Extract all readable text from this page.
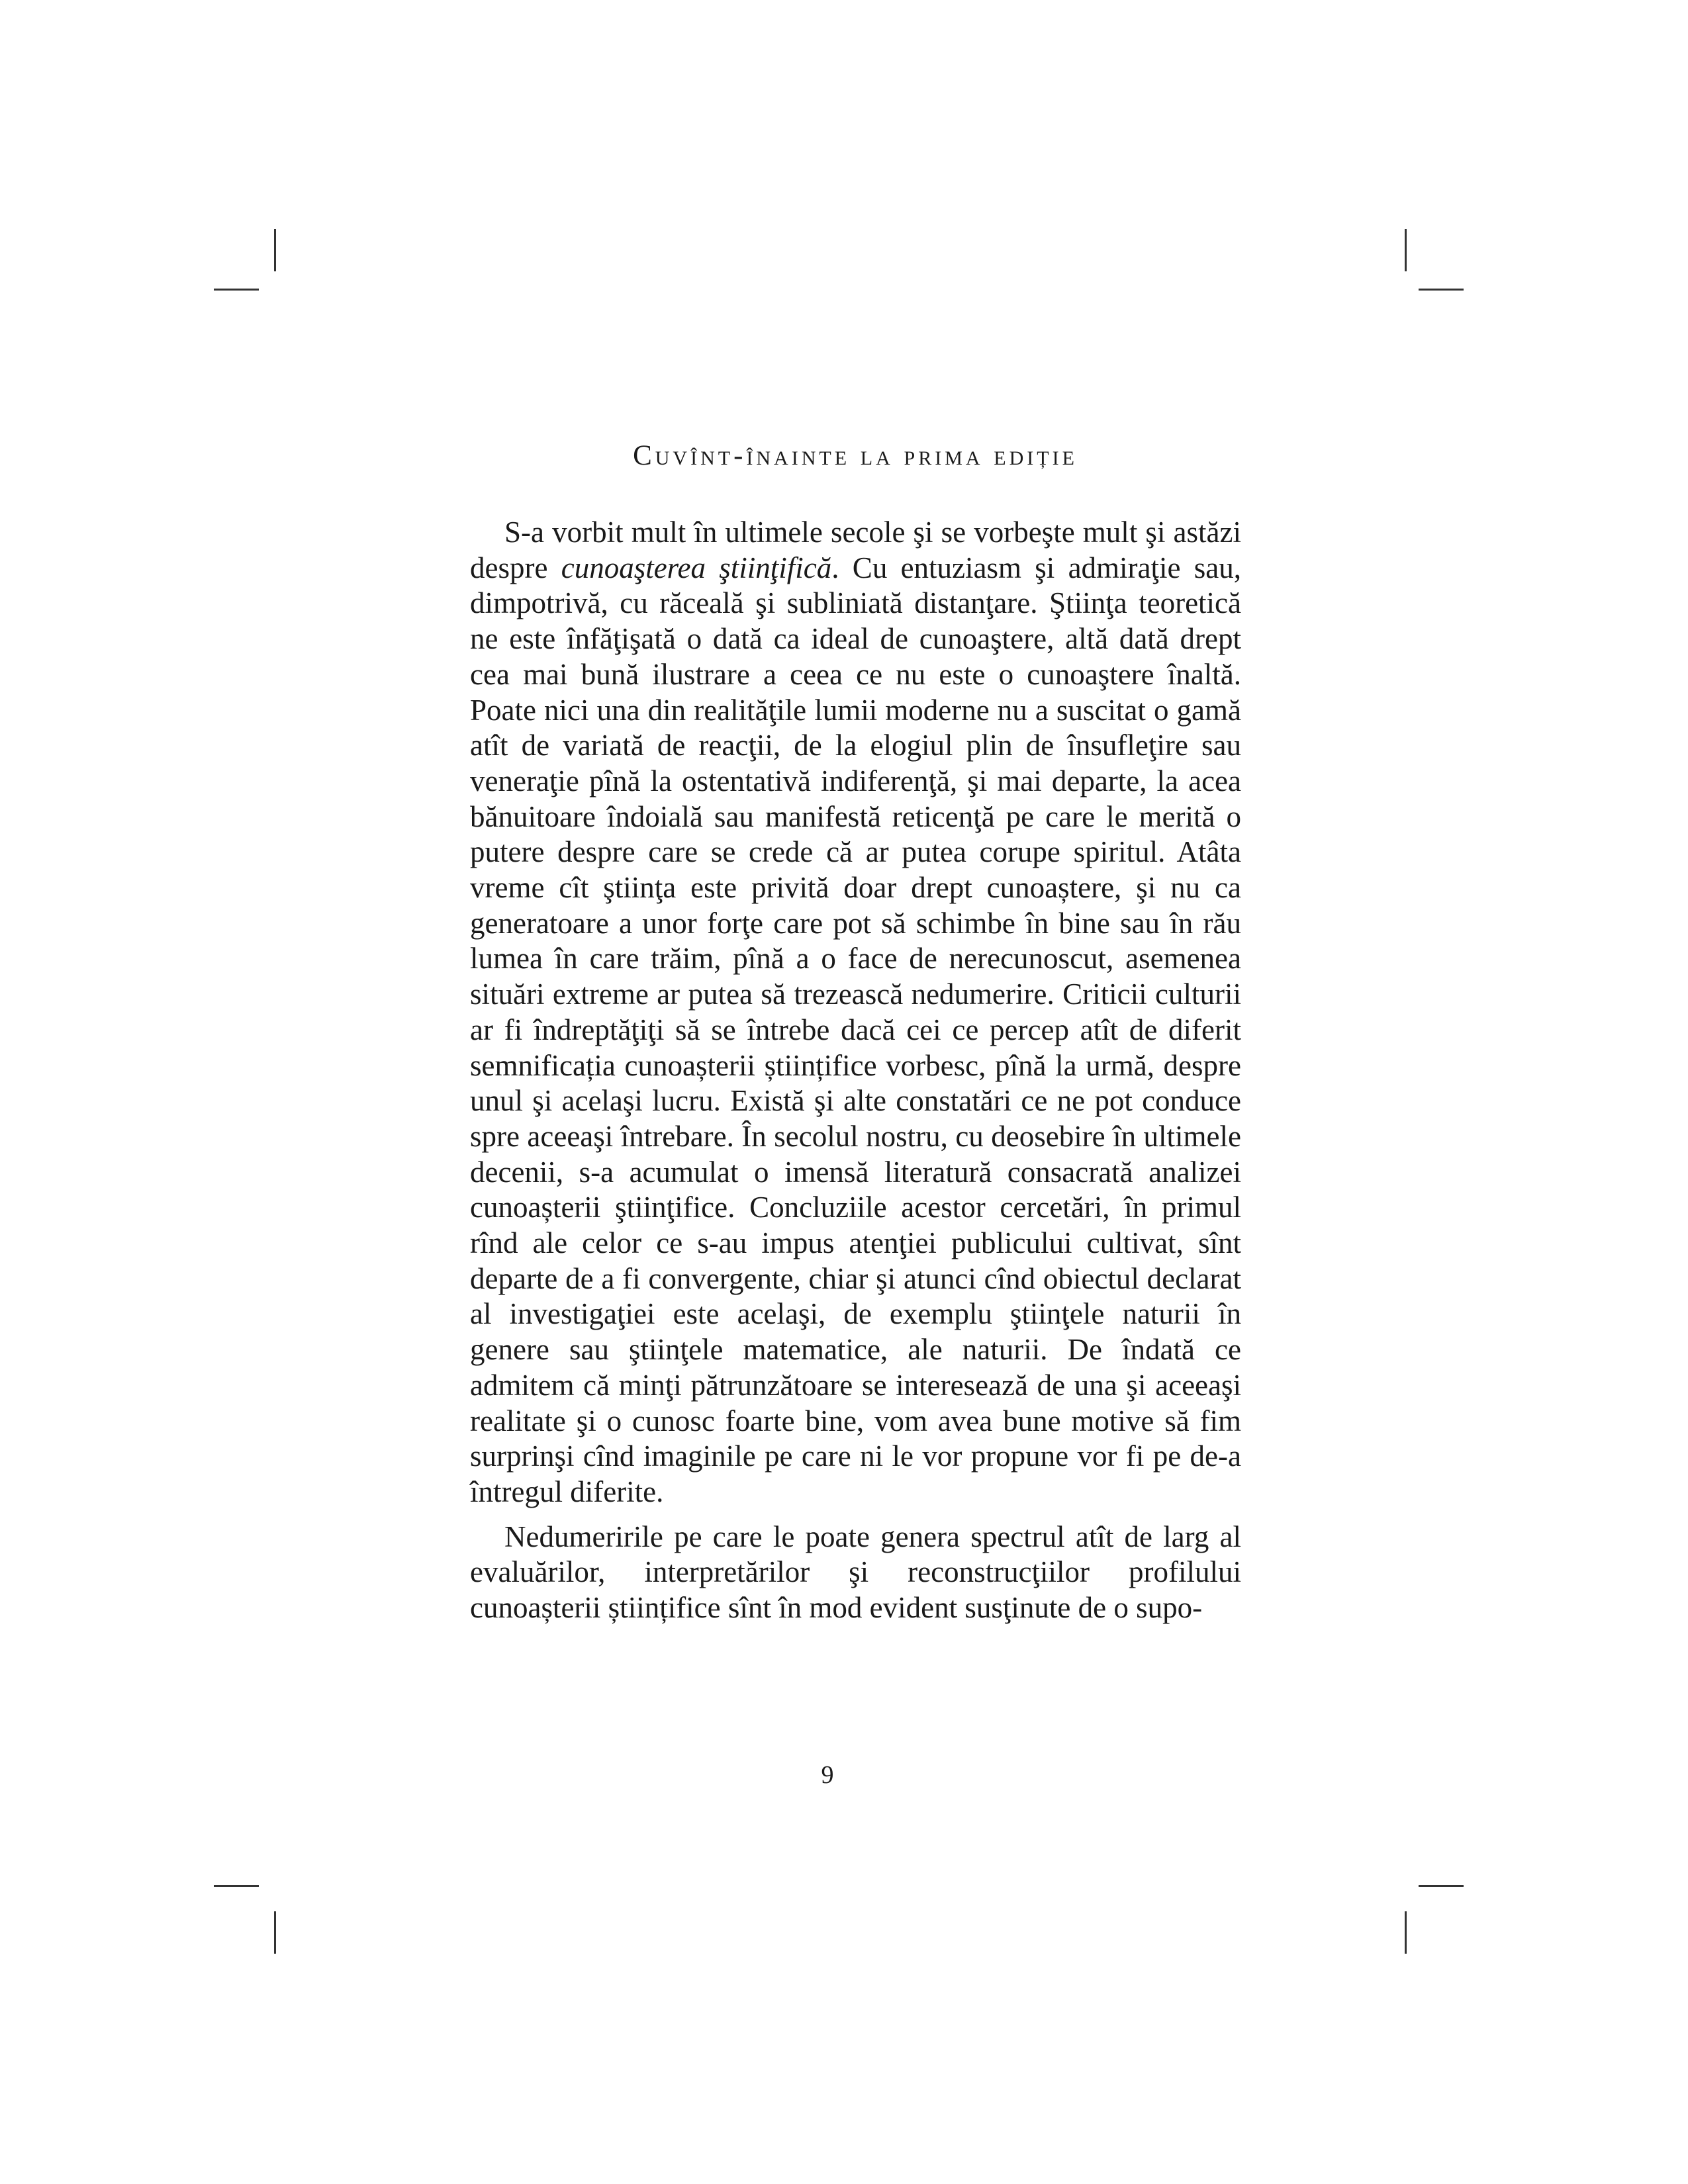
Cuvînt-înainte la prima ediție

S-a vorbit mult în ultimele secole şi se vorbeşte mult şi astăzi despre cunoaşterea ştiinţifică. Cu entuziasm şi admiraţie sau, dimpotrivă, cu răceală şi subliniată distanţare. Ştiinţa teoretică ne este înfăţişată o dată ca ideal de cunoaştere, altă dată drept cea mai bună ilustrare a ceea ce nu este o cunoaştere înaltă. Poate nici una din realităţile lumii moderne nu a suscitat o gamă atît de variată de reacţii, de la elogiul plin de însufleţire sau veneraţie pînă la ostentativă indiferenţă, şi mai departe, la acea bănuitoare îndoială sau manifestă reticenţă pe care le merită o putere despre care se crede că ar putea corupe spiritul. Atâta vreme cît ştiinţa este privită doar drept cunoaștere, şi nu ca generatoare a unor forţe care pot să schimbe în bine sau în rău lumea în care trăim, pînă a o face de nerecunoscut, asemenea situări extreme ar putea să trezească nedumerire. Criticii culturii ar fi îndreptăţiţi să se întrebe dacă cei ce percep atît de diferit semnificația cunoașterii științifice vorbesc, pînă la urmă, despre unul şi acelaşi lucru. Există şi alte constatări ce ne pot conduce spre aceeaşi întrebare. În secolul nostru, cu deosebire în ultimele decenii, s-a acumulat o imensă literatură consacrată analizei cunoașterii ştiinţifice. Concluziile acestor cercetări, în primul rînd ale celor ce s-au impus atenţiei publicului cultivat, sînt departe de a fi convergente, chiar şi atunci cînd obiectul declarat al investigaţiei este acelaşi, de exemplu ştiinţele naturii în genere sau ştiinţele matematice, ale naturii. De îndată ce admitem că minţi pătrunzătoare se interesează de una şi aceeaşi realitate şi o cunosc foarte bine, vom avea bune motive să fim surprinşi cînd imaginile pe care ni le vor propune vor fi pe de-a întregul diferite.

Nedumeririle pe care le poate genera spectrul atît de larg al evaluărilor, interpretărilor şi reconstrucţiilor profilului cunoașterii științifice sînt în mod evident susţinute de o supo-

9
